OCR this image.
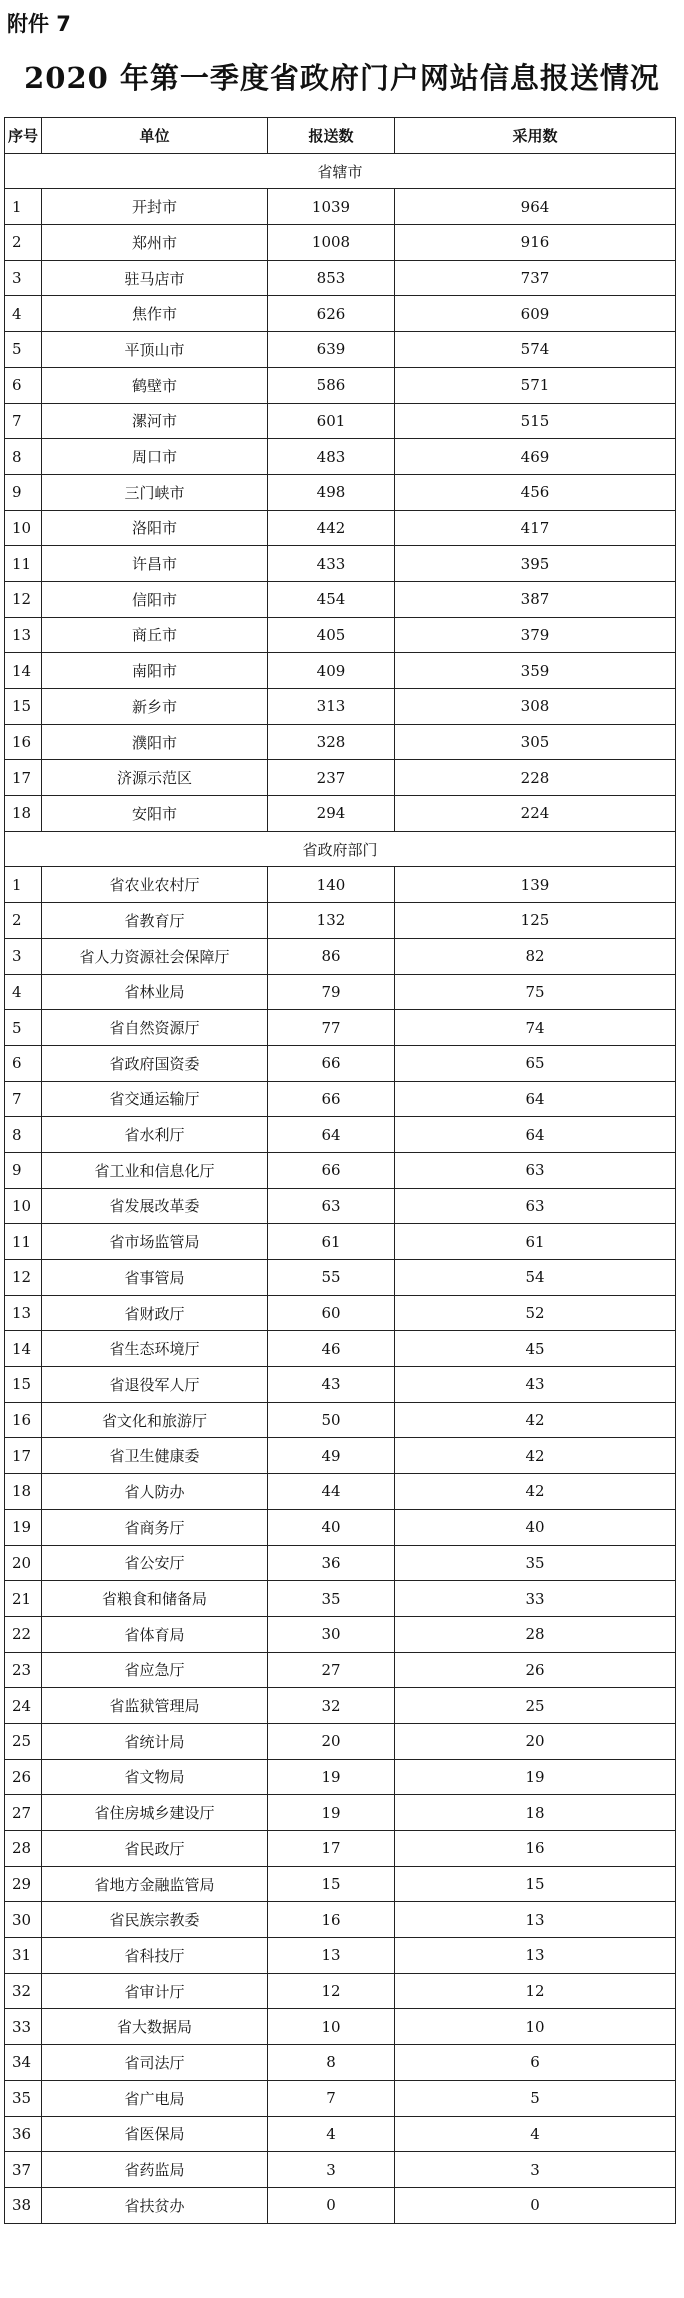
附件 7
2020 年第一季度省政府门户网站信息报送情况
序号	单位	报送数	采用数
省辖市			
1	开封市	1039	964
2	郑州市	1008	916
3	驻马店市	853	737
4	焦作市	626	609
5	平顶山市	639	574
6	鹤壁市	586	571
7	漯河市	601	515
8	周口市	483	469
9	三门峡市	498	456
10	洛阳市	442	417
11	许昌市	433	395
12	信阳市	454	387
13	商丘市	405	379
14	南阳市	409	359
15	新乡市	313	308
16	濮阳市	328	305
17	济源示范区	237	228
18	安阳市	294	224
省政府部门			
1	省农业农村厅	140	139
2	省教育厅	132	125
3	省人力资源社会保障厅	86	82
4	省林业局	79	75
5	省自然资源厅	77	74
6	省政府国资委	66	65
7	省交通运输厅	66	64
8	省水利厅	64	64
9	省工业和信息化厅	66	63
10	省发展改革委	63	63
11	省市场监管局	61	61
12	省事管局	55	54
13	省财政厅	60	52
14	省生态环境厅	46	45
15	省退役军人厅	43	43
16	省文化和旅游厅	50	42
17	省卫生健康委	49	42
18	省人防办	44	42
19	省商务厅	40	40
20	省公安厅	36	35
21	省粮食和储备局	35	33
22	省体育局	30	28
23	省应急厅	27	26
24	省监狱管理局	32	25
25	省统计局	20	20
26	省文物局	19	19
27	省住房城乡建设厅	19	18
28	省民政厅	17	16
29	省地方金融监管局	15	15
30	省民族宗教委	16	13
31	省科技厅	13	13
32	省审计厅	12	12
33	省大数据局	10	10
34	省司法厅	8	6
35	省广电局	7	5
36	省医保局	4	4
37	省药监局	3	3
38	省扶贫办	0	0
